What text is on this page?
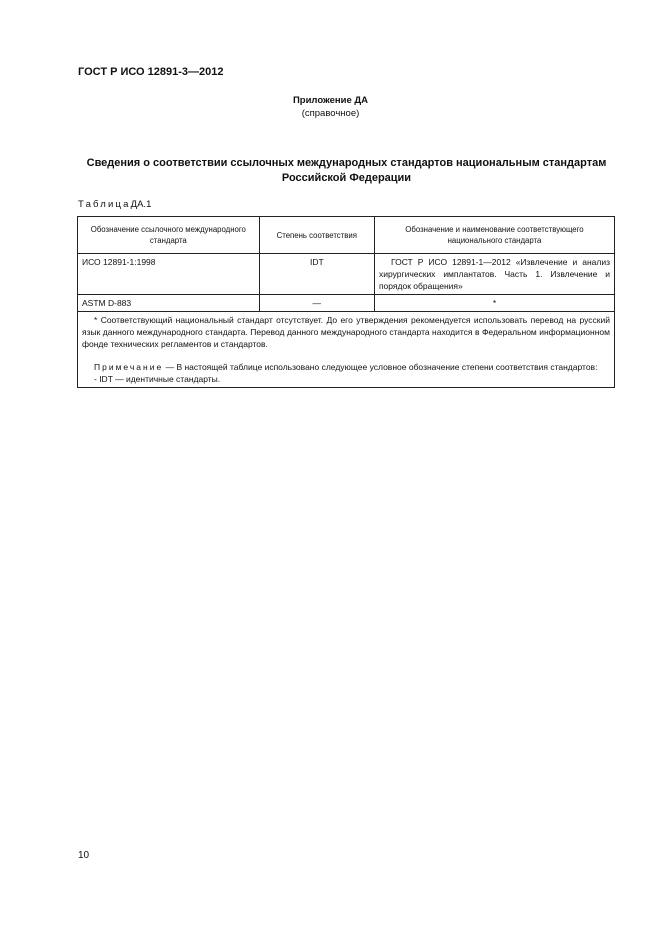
ГОСТ Р ИСО 12891-3—2012
Приложение ДА
(справочное)
Сведения о соответствии ссылочных международных стандартов национальным стандартам
Российской Федерации
ТаблицаДА.1
Обозначение ссылочного международного стандарта	Степень соответствия	Обозначение и наименование соответствующего национального стандарта
ИСО 12891-1:1998	IDT	ГОСТ Р ИСО 12891-1—2012 «Извлечение и анализ хирургических имплантатов. Часть 1. Извлечение и порядок обращения»
ASTM D-883	—	*

* Соответствующий национальный стандарт отсутствует. До его утверждения рекомендуется использовать перевод на русский язык данного международного стандарта. Перевод данного международного стандарта находится в Федеральном информационном фонде технических регламентов и стандартов.

Примечание — В настоящей таблице использовано следующее условное обозначение степени соответствия стандартов:

- IDT — идентичные стандарты.		

10
